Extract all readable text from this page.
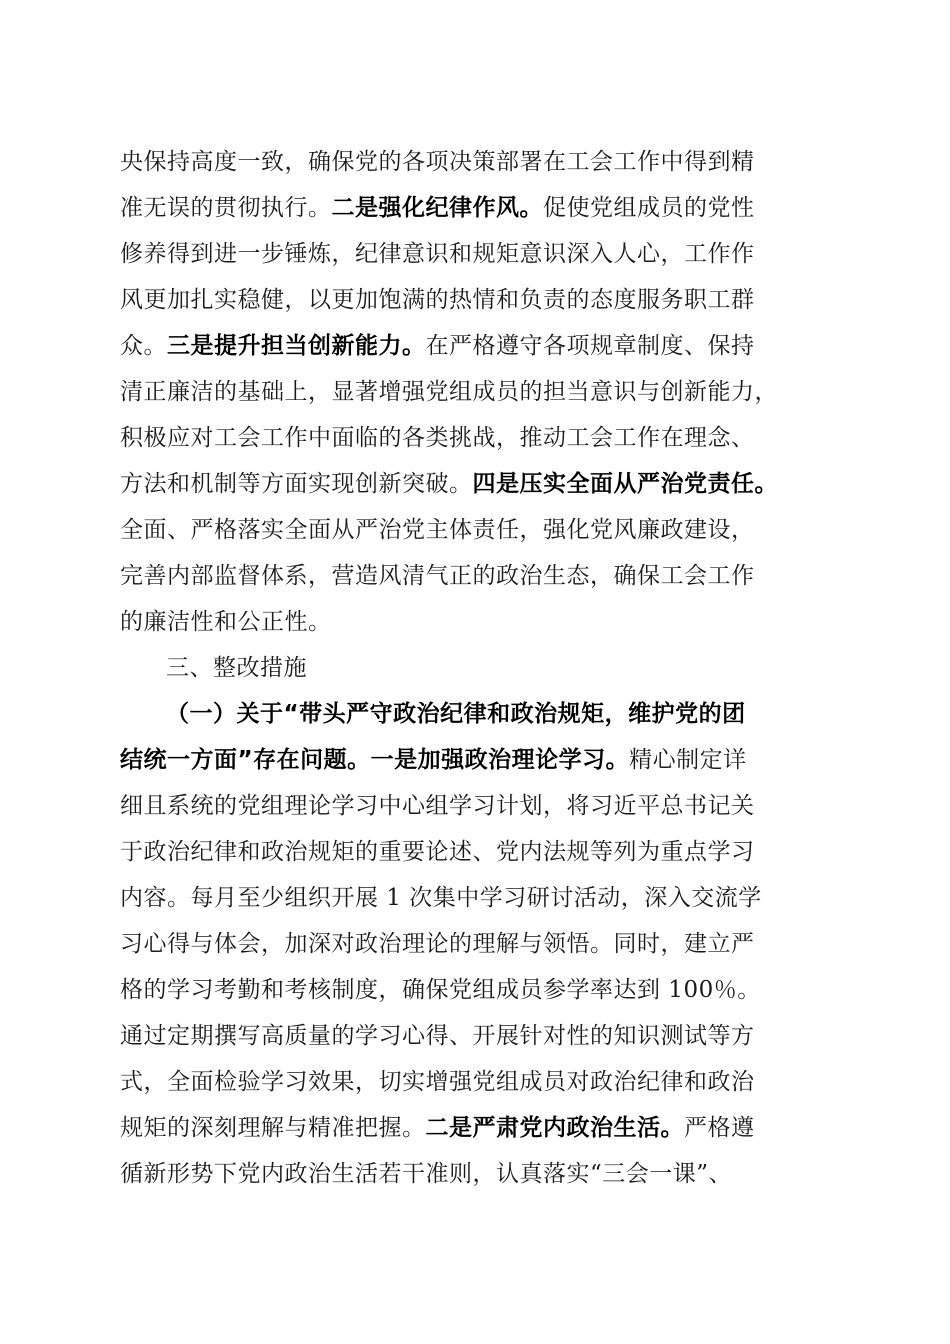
央保持高度一致，确保党的各项决策部署在工会工作中得到精
准无误的贯彻执行。二是强化纪律作风。促使党组成员的党性
修养得到进一步锤炼，纪律意识和规矩意识深入人心，工作作
风更加扎实稳健，以更加饱满的热情和负责的态度服务职工群
众。三是提升担当创新能力。在严格遵守各项规章制度、保持
清正廉洁的基础上，显著增强党组成员的担当意识与创新能力，
积极应对工会工作中面临的各类挑战，推动工会工作在理念、
方法和机制等方面实现创新突破。四是压实全面从严治党责任。
全面、严格落实全面从严治党主体责任，强化党风廉政建设，
完善内部监督体系，营造风清气正的政治生态，确保工会工作
的廉洁性和公正性。
三、整改措施
（一）关于“带头严守政治纪律和政治规矩，维护党的团
结统一方面”存在问题。一是加强政治理论学习。精心制定详
细且系统的党组理论学习中心组学习计划，将习近平总书记关
于政治纪律和政治规矩的重要论述、党内法规等列为重点学习
内容。每月至少组织开展 1 次集中学习研讨活动，深入交流学
习心得与体会，加深对政治理论的理解与领悟。同时，建立严
格的学习考勤和考核制度，确保党组成员参学率达到 100％。
通过定期撰写高质量的学习心得、开展针对性的知识测试等方
式，全面检验学习效果，切实增强党组成员对政治纪律和政治
规矩的深刻理解与精准把握。二是严肃党内政治生活。严格遵
循新形势下党内政治生活若干准则，认真落实“三会一课”、
